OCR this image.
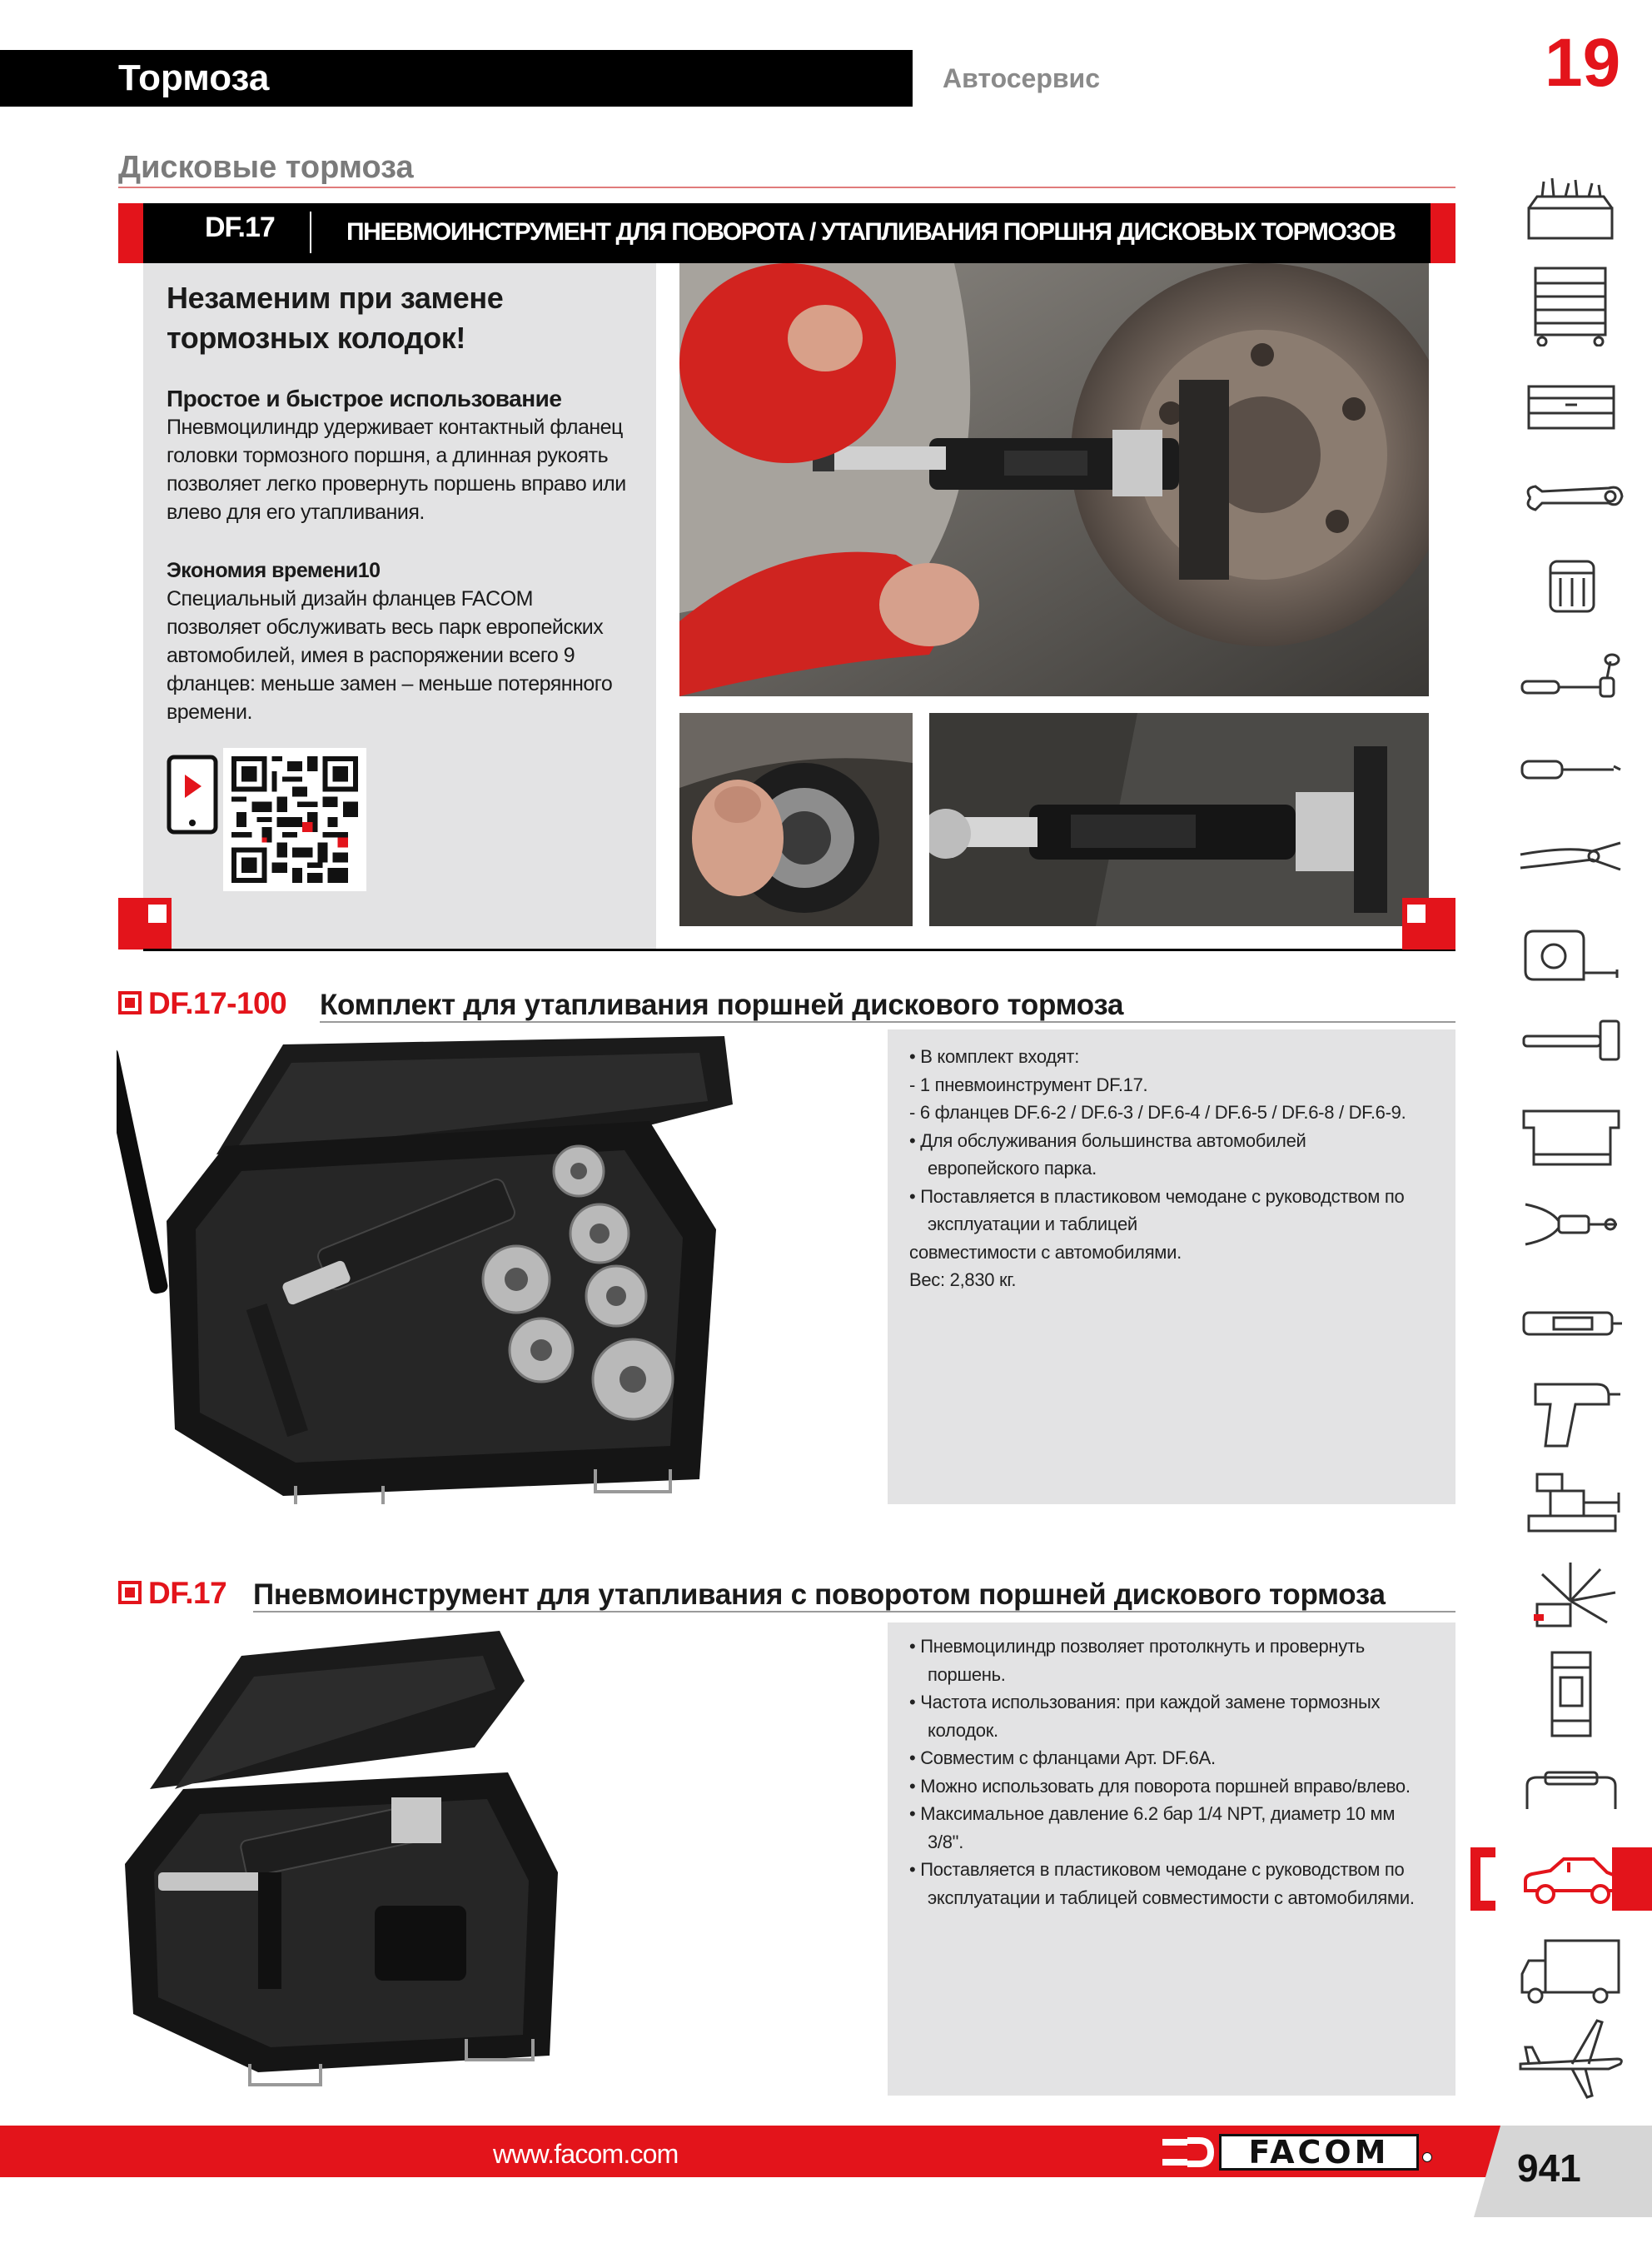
Тормоза	Автосервис	19
Дисковые тормоза
DF.17	ПНЕВМОИНСТРУМЕНТ ДЛЯ ПОВОРОТА / УТАПЛИВАНИЯ ПОРШНЯ ДИСКОВЫХ ТОРМОЗОВ
Незаменим при замене
тормозных колодок!
Простое и быстрое использование
Пневмоцилиндр удерживает контактный фланец
головки тормозного поршня, а длинная рукоять
позволяет легко провернуть поршень вправо или
влево для его утапливания.
Экономия времени10
Специальный дизайн фланцев FACOM
позволяет обслуживать весь парк европейских
автомобилей, имея в распоряжении всего 9
фланцев: меньше замен – меньше потерянного
времени.
DF.17-100 Комплект для утапливания поршней дискового тормоза

• В комплект входят:

- 1 пневмоинструмент DF.17.

- 6 фланцев DF.6-2 / DF.6-3 / DF.6-4 / DF.6-5 / DF.6-8 / DF.6-9.

• Для обслуживания большинства автомобилей

европейского парка.

• Поставляется в пластиковом чемодане с руководством по

эксплуатации и таблицей

совместимости с автомобилями.

Вес: 2,830 кг.

DF.17 Пневмоинструмент для утапливания с поворотом поршней дискового тормоза

• Пневмоцилиндр позволяет протолкнуть и провернуть

поршень.

• Частота использования: при каждой замене тормозных

колодок.

• Совместим с фланцами Арт. DF.6A.

• Можно использовать для поворота поршней вправо/влево.

• Максимальное давление 6.2 бар 1/4 NPT, диаметр 10 мм

3/8".

• Поставляется в пластиковом чемодане с руководством по

эксплуатации и таблицей совместимости с автомобилями.

www.facom.com	FACOM	941
